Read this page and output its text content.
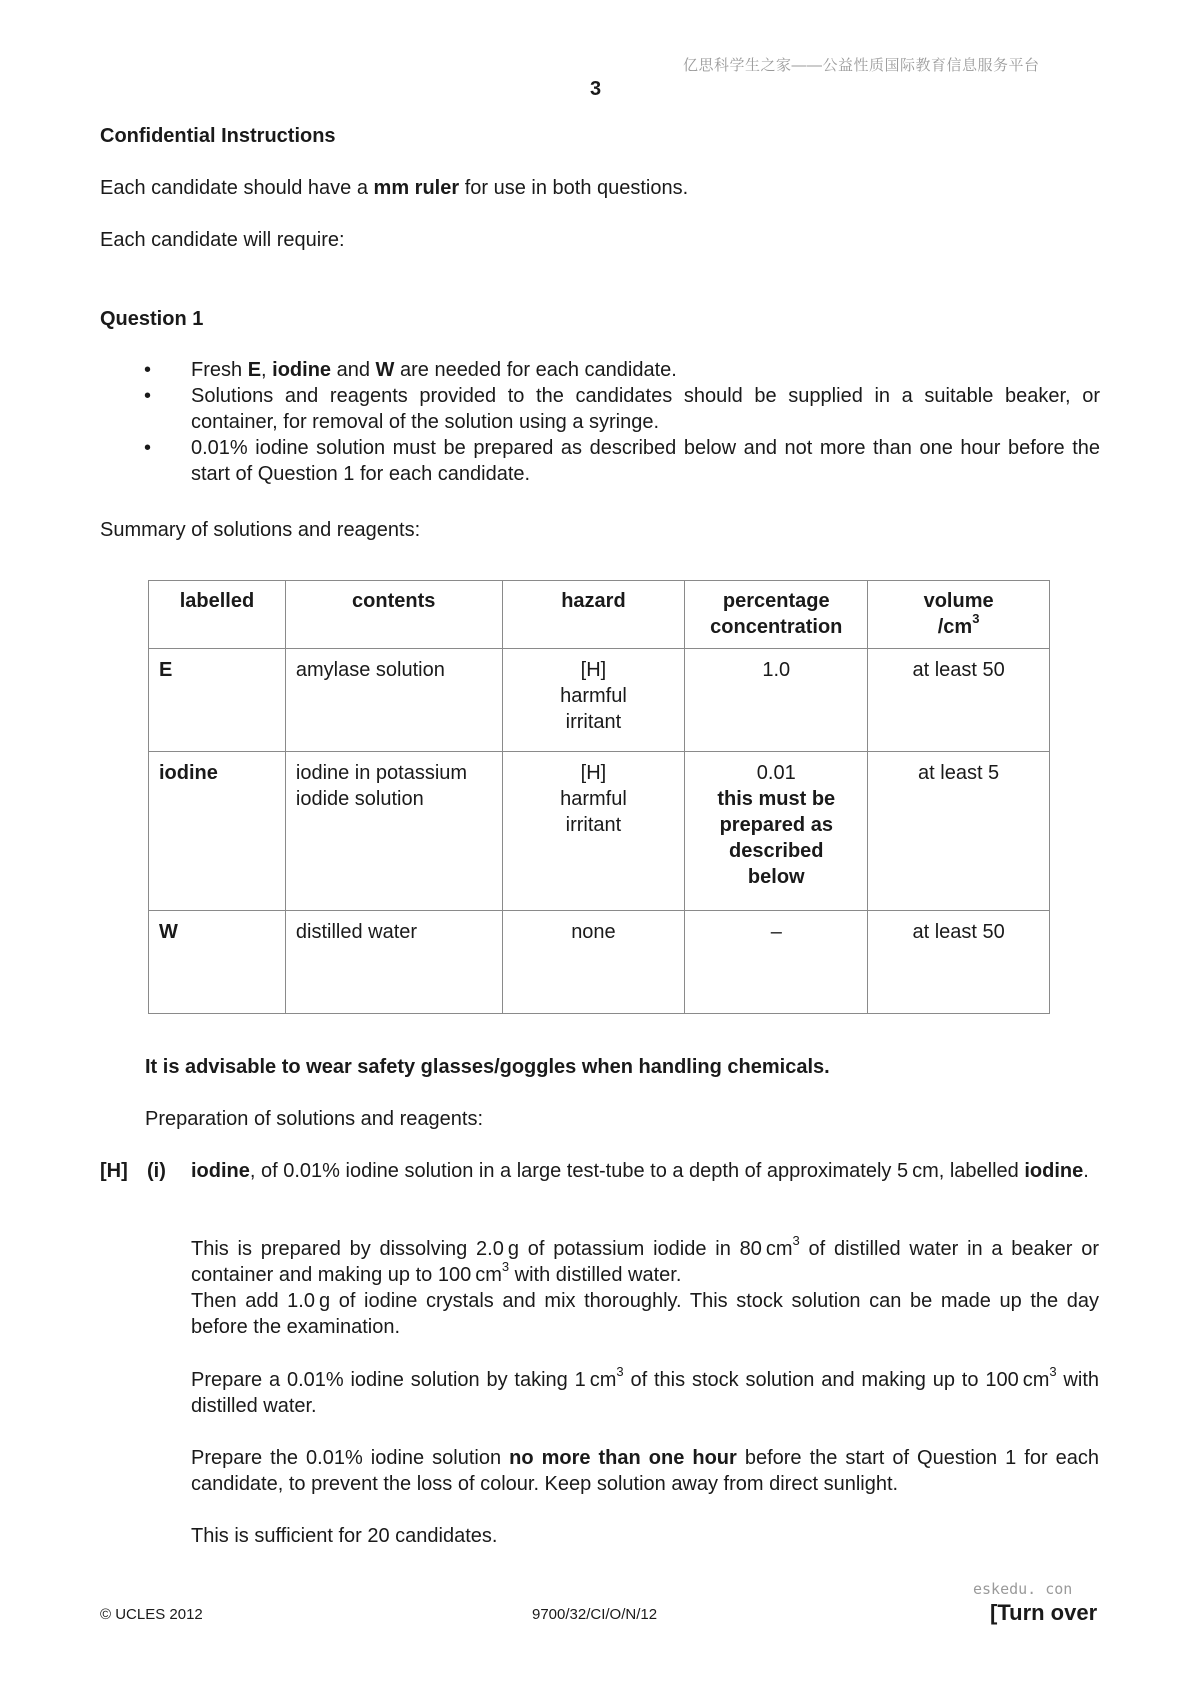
亿思科学生之家——公益性质国际教育信息服务平台
3
Confidential Instructions
Each candidate should have a mm ruler for use in both questions.
Each candidate will require:
Question 1
• Fresh E, iodine and W are needed for each candidate.
• Solutions and reagents provided to the candidates should be supplied in a suitable beaker, or container, for removal of the solution using a syringe.
• 0.01% iodine solution must be prepared as described below and not more than one hour before the start of Question 1 for each candidate.
Summary of solutions and reagents:
labelled	contents	hazard	percentage
concentration	volume
$/cm^3$
E	amylase solution	[H]
harmful
irritant	1.0	at least 50
iodine	iodine in potassium
iodide solution	[H]
harmful
irritant	0.01
this must be
prepared as
described
below	at least 5
W	distilled water	none	–	at least 50
It is advisable to wear safety glasses/goggles when handling chemicals.
Preparation of solutions and reagents:
[H] (i) iodine, of 0.01% iodine solution in a large test-tube to a depth of approximately 5 cm, labelled iodine.
This is prepared by dissolving 2.0 g of potassium iodide in 80 $cm^3$ of distilled water in a beaker or container and making up to 100 $cm^3$ with distilled water.
Then add 1.0 g of iodine crystals and mix thoroughly. This stock solution can be made up the day before the examination.
Prepare a 0.01% iodine solution by taking 1 $cm^3$ of this stock solution and making up to 100 $cm^3$ with distilled water.
Prepare the 0.01% iodine solution no more than one hour before the start of Question 1 for each candidate, to prevent the loss of colour. Keep solution away from direct sunlight.
This is sufficient for 20 candidates.
eskedu. con
© UCLES 2012	9700/32/CI/O/N/12	[Turn over
